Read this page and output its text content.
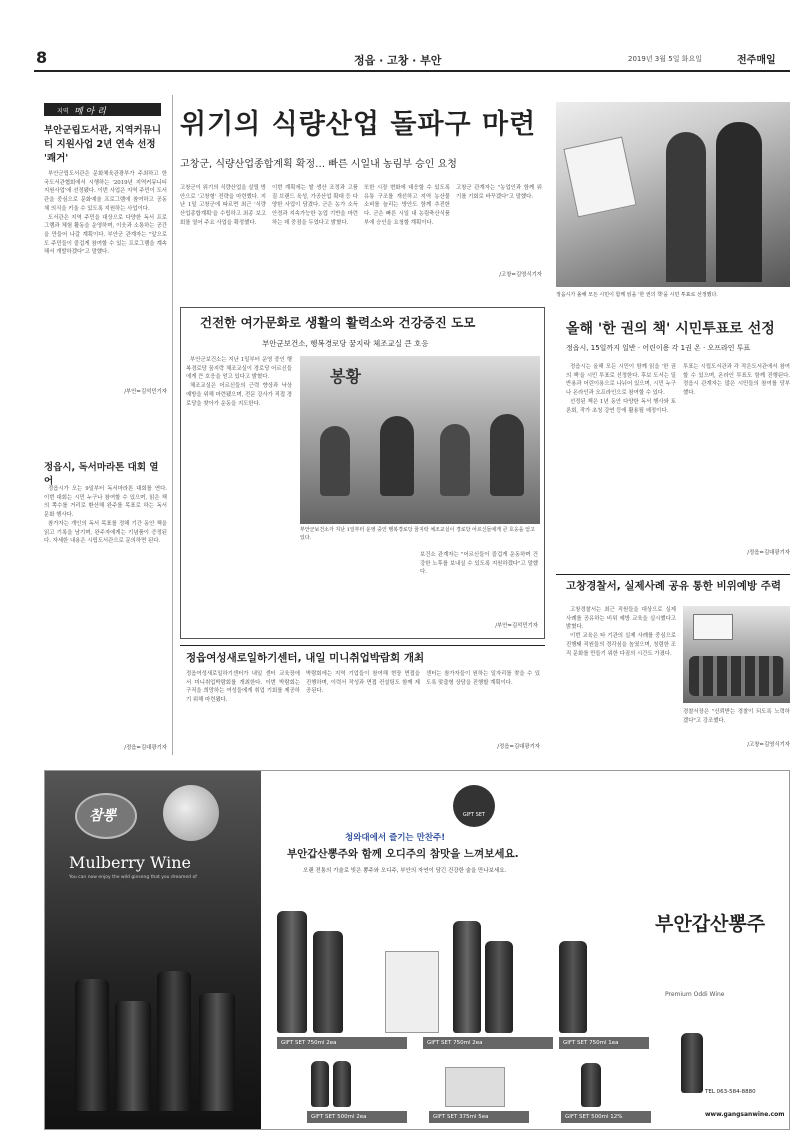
8	정읍 · 고창 · 부안	2019년 3월 5일 화요일	전주매일
지역 메 아 리
부안군립도서관, 지역커뮤니티 지원사업 2년 연속 선정 '쾌거'

부안군립도서관은 문화체육관광부가 주최하고 한국도서관협회에서 시행하는 '2019년 지역커뮤니티 지원사업'에 선정됐다. 이번 사업은 지역 주민이 도서관을 중심으로 문화예술 프로그램에 참여하고 공동체 의식을 키울 수 있도록 지원하는 사업이다.

도서관은 지역 주민을 대상으로 다양한 독서 프로그램과 체험 활동을 운영하며, 이웃과 소통하는 공간을 만들어 나갈 계획이다. 부안군 관계자는 "앞으로도 주민들이 즐겁게 참여할 수 있는 프로그램을 계속해서 개발하겠다"고 말했다.

/부안=김석민기자
정읍시, 독서마라톤 대회 열어

정읍시가 오는 9일부터 독서마라톤 대회를 연다. 이번 대회는 시민 누구나 참여할 수 있으며, 읽은 책의 쪽수를 거리로 환산해 완주를 목표로 하는 독서 문화 행사다.

참가자는 개인의 독서 목표를 정해 기간 동안 책을 읽고 기록을 남기며, 완주자에게는 기념품이 증정된다. 자세한 내용은 시립도서관으로 문의하면 된다.

/정읍=김대광기자
위기의 식량산업 돌파구 마련
고창군, 식량산업종합계획 확정… 빠른 시일내 농림부 승인 요청
고창군이 위기의 식량산업을 살릴 방안으로 '고창형' 전략을 마련했다. 지난 1일 고창군에 따르면 최근 '식량산업종합계획'을 수립하고 최종 보고회를 열어 주요 사업을 확정했다.
이번 계획에는 쌀 생산 조정과 고품질 브랜드 육성, 가공산업 확대 등 다양한 사업이 담겼다. 군은 농가 소득 안정과 지속가능한 농업 기반을 마련하는 데 중점을 두었다고 밝혔다.
또한 시장 변화에 대응할 수 있도록 유통 구조를 개선하고 지역 농산물 소비를 늘리는 방안도 함께 추진한다. 군은 빠른 시일 내 농림축산식품부에 승인을 요청할 계획이다.
고창군 관계자는 "농업인과 함께 위기를 기회로 바꾸겠다"고 말했다.
/고창=김영식기자
정읍시가 올해 모든 시민이 함께 읽을 '한 권의 책'을 시민 투표로 선정했다.
건전한 여가문화로 생활의 활력소와 건강증진 도모
부안군보건소, 행복경로당 꿈지락 체조교실 큰 호응

부안군보건소는 지난 1일부터 운영 중인 행복경로당 꿈지락 체조교실이 경로당 어르신들에게 큰 호응을 얻고 있다고 밝혔다.

체조교실은 어르신들의 근력 향상과 낙상 예방을 위해 마련됐으며, 전문 강사가 직접 경로당을 찾아가 운동을 지도한다.

봉황
부안군보건소가 지난 1일부터 운영 중인 행복경로당 꿈지락 체조교실이 경로당 어르신들에게 큰 호응을 얻고 있다.
보건소 관계자는 "어르신들이 즐겁게 운동하며 건강한 노후를 보내실 수 있도록 지원하겠다"고 말했다.
/부안=김석민기자
올해 '한 권의 책' 시민투표로 선정
정읍시, 15일까지 일반 · 어린이용 각 1권 온 · 오프라인 투표

정읍시는 올해 모든 시민이 함께 읽을 '한 권의 책'을 시민 투표로 선정한다. 후보 도서는 일반용과 어린이용으로 나뉘어 있으며, 시민 누구나 온라인과 오프라인으로 참여할 수 있다.

선정된 책은 1년 동안 다양한 독서 행사와 토론회, 작가 초청 강연 등에 활용될 예정이다.

투표는 시립도서관과 각 작은도서관에서 참여할 수 있으며, 온라인 투표도 함께 진행된다. 정읍시 관계자는 많은 시민들의 참여를 당부했다.
/정읍=김대광기자
고창경찰서, 실제사례 공유 통한 비위예방 주력

고창경찰서는 최근 직원들을 대상으로 실제 사례를 공유하는 비위 예방 교육을 실시했다고 밝혔다.

이번 교육은 타 기관의 실제 사례를 중심으로 진행돼 직원들의 경각심을 높였으며, 청렴한 조직 문화를 만들기 위한 다짐의 시간도 가졌다.

경찰서장은 "신뢰받는 경찰이 되도록 노력하겠다"고 강조했다.
/고창=김영식기자
정읍여성새로일하기센터, 내일 미니취업박람회 개최
정읍여성새로일하기센터가 내일 센터 교육장에서 미니취업박람회를 개최한다. 이번 박람회는 구직을 희망하는 여성들에게 취업 기회를 제공하기 위해 마련됐다.
박람회에는 지역 기업들이 참여해 현장 면접을 진행하며, 이력서 작성과 면접 컨설팅도 함께 제공된다.
센터는 참가자들이 원하는 일자리를 찾을 수 있도록 맞춤형 상담을 진행할 계획이다.
/정읍=김대광기자
참뽕
Mulberry Wine
You can now enjoy the wild ginseng that you dreamed of
$_{GIFT SET}$
청와대에서 즐기는 만찬주!
부안갑산뽕주와 함께 오디주의 참맛을 느껴보세요.
오랜 전통의 기술로 빚은 뽕주와 오디주, 부안의 자연이 담긴 건강한 술을 만나보세요.
GIFT SET 750ml 2ea	GIFT SET 750ml 2ea	GIFT SET 750ml 1ea
GIFT SET 500ml 2ea	GIFT SET 375ml 5ea	GIFT SET 500ml 12%
부안갑산뽕주
Premium Oddi Wine
TEL 063-584-8880
www.gangsanwine.com
